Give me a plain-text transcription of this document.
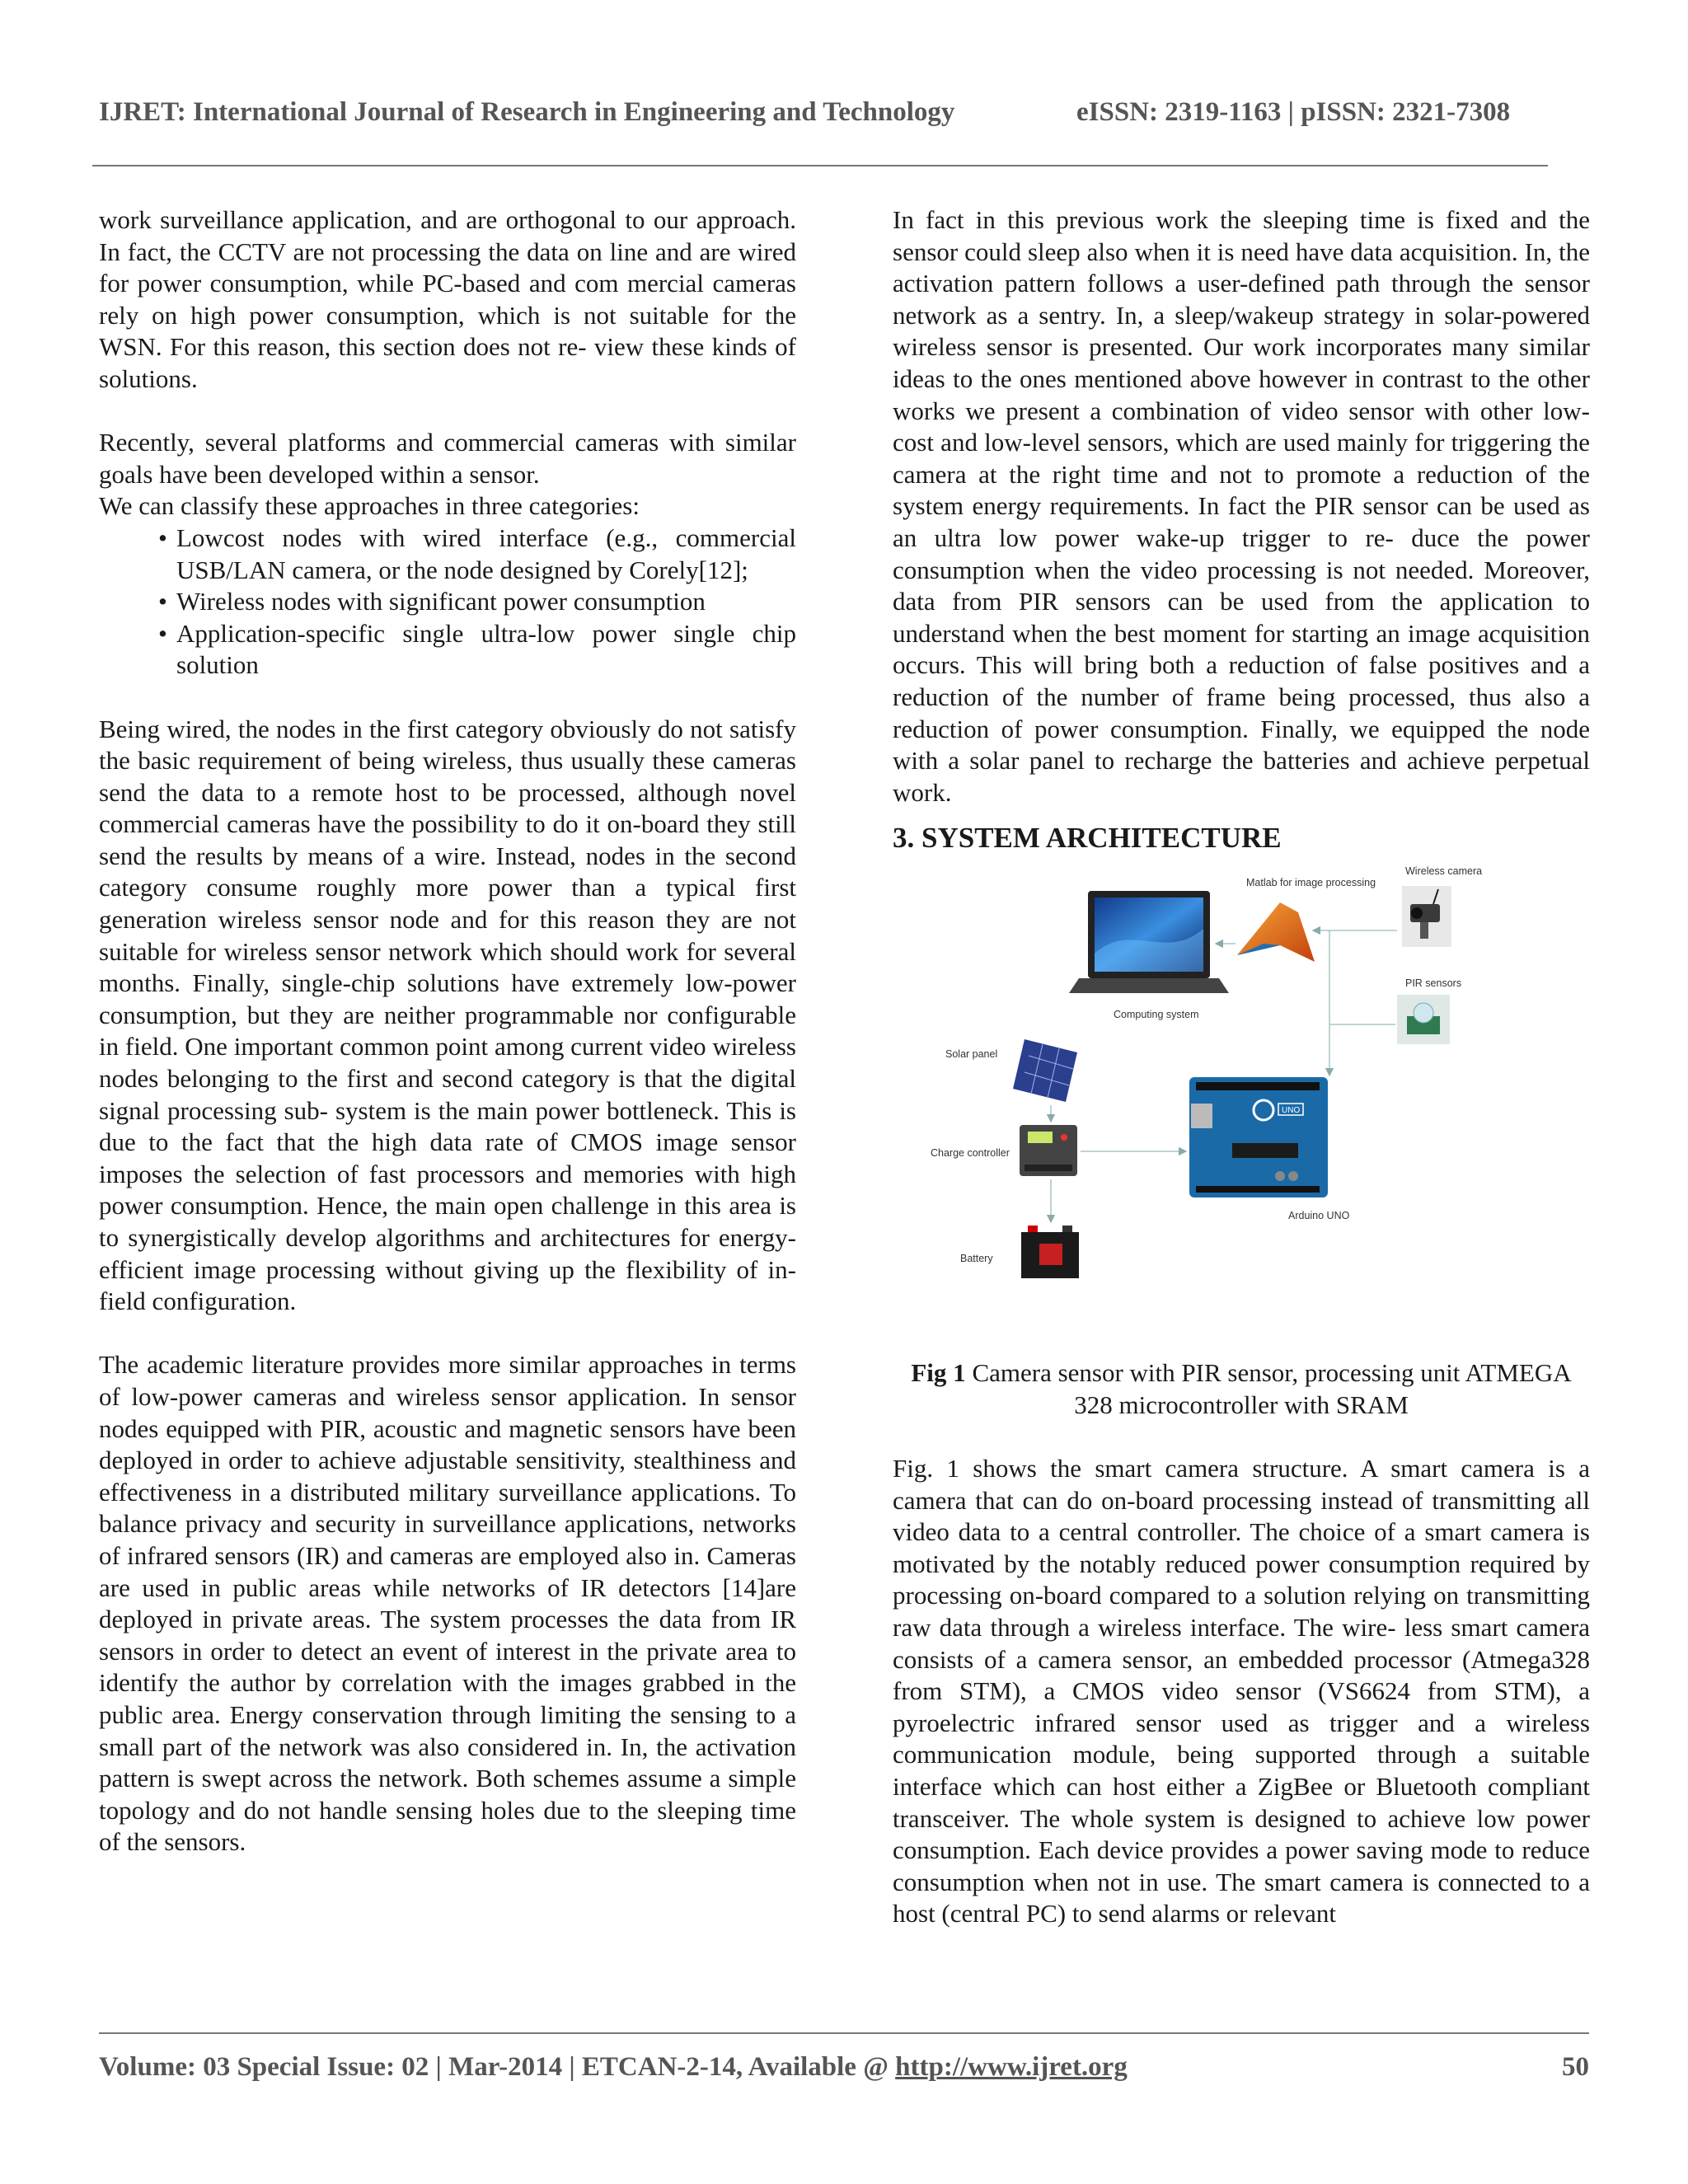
IJRET: International Journal of Research in Engineering and Technology	eISSN: 2319-1163 | pISSN: 2321-7308

work surveillance application, and are orthogonal to our approach. In fact, the CCTV are not processing the data on line and are wired for power consumption, while PC-based and com mercial cameras rely on high power consumption, which is not suitable for the WSN. For this reason, this section does not re- view these kinds of solutions.

Recently, several platforms and commercial cameras with similar goals have been developed within a sensor.

We can classify these approaches in three categories:

• Lowcost nodes with wired interface (e.g., commercial USB/LAN camera, or the node designed by Corely[12];
• Wireless nodes with significant power consumption
• Application-specific single ultra-low power single chip solution

Being wired, the nodes in the first category obviously do not satisfy the basic requirement of being wireless, thus usually these cameras send the data to a remote host to be processed, although novel commercial cameras have the possibility to do it on-board they still send the results by means of a wire. Instead, nodes in the second category consume roughly more power than a typical first generation wireless sensor node and for this reason they are not suitable for wireless sensor network which should work for several months. Finally, single-chip solutions have extremely low-power consumption, but they are neither programmable nor configurable in field. One important common point among current video wireless nodes belonging to the first and second category is that the digital signal processing sub- system is the main power bottleneck. This is due to the fact that the high data rate of CMOS image sensor imposes the selection of fast processors and memories with high power consumption. Hence, the main open challenge in this area is to synergistically develop algorithms and architectures for energy-efficient image processing without giving up the flexibility of in-field configuration.

The academic literature provides more similar approaches in terms of low-power cameras and wireless sensor application. In sensor nodes equipped with PIR, acoustic and magnetic sensors have been deployed in order to achieve adjustable sensitivity, stealthiness and effectiveness in a distributed military surveillance applications. To balance privacy and security in surveillance applications, networks of infrared sensors (IR) and cameras are employed also in. Cameras are used in public areas while networks of IR detectors [14]are deployed in private areas. The system processes the data from IR sensors in order to detect an event of interest in the private area to identify the author by correlation with the images grabbed in the public area. Energy conservation through limiting the sensing to a small part of the network was also considered in. In, the activation pattern is swept across the network. Both schemes assume a simple topology and do not handle sensing holes due to the sleeping time of the sensors.

In fact in this previous work the sleeping time is fixed and the sensor could sleep also when it is need have data acquisition. In, the activation pattern follows a user-defined path through the sensor network as a sentry. In, a sleep/wakeup strategy in solar-powered wireless sensor is presented. Our work incorporates many similar ideas to the ones mentioned above however in contrast to the other works we present a combination of video sensor with other low-cost and low-level sensors, which are used mainly for triggering the camera at the right time and not to promote a reduction of the system energy requirements. In fact the PIR sensor can be used as an ultra low power wake-up trigger to re- duce the power consumption when the video processing is not needed. Moreover, data from PIR sensors can be used from the application to understand when the best moment for starting an image acquisition occurs. This will bring both a reduction of false positives and a reduction of the number of frame being processed, thus also a reduction of power consumption. Finally, we equipped the node with a solar panel to recharge the batteries and achieve perpetual work.

3. SYSTEM ARCHITECTURE
Computing system
Matlab for image processing
Wireless camera
PIR sensors
Solar panel
Charge controller
Battery
UNO
Arduino UNO

Fig 1 Camera sensor with PIR sensor, processing unit ATMEGA 328 microcontroller with SRAM

Fig. 1 shows the smart camera structure. A smart camera is a camera that can do on-board processing instead of transmitting all video data to a central controller. The choice of a smart camera is motivated by the notably reduced power consumption required by processing on-board compared to a solution relying on transmitting raw data through a wireless interface. The wire- less smart camera consists of a camera sensor, an embedded processor (Atmega328 from STM), a CMOS video sensor (VS6624 from STM), a pyroelectric infrared sensor used as trigger and a wireless communication module, being supported through a suitable interface which can host either a ZigBee or Bluetooth compliant transceiver. The whole system is designed to achieve low power consumption. Each device provides a power saving mode to reduce consumption when not in use. The smart camera is connected to a host (central PC) to send alarms or relevant

Volume: 03 Special Issue: 02 | Mar-2014 | ETCAN-2-14, Available @ http://www.ijret.org	50
